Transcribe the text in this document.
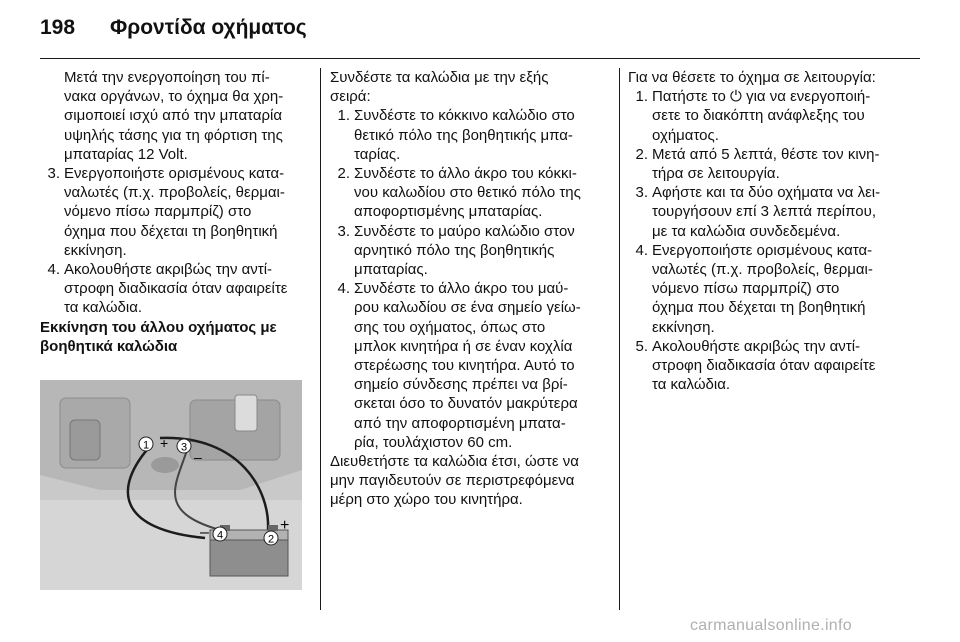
198	Φροντίδα οχήματος

Μετά την ενεργοποίηση του πί-
νακα οργάνων, το όχημα θα χρη-
σιμοποιεί ισχύ από την μπαταρία
υψηλής τάσης για τη φόρτιση της
μπαταρίας 12 Volt.

3. Ενεργοποιήστε ορισμένους κατα-
ναλωτές (π.χ. προβολείς, θερμαι-
νόμενο πίσω παρμπρίζ) στο
όχημα που δέχεται τη βοηθητική
εκκίνηση.
4. Ακολουθήστε ακριβώς την αντί-
στροφη διαδικασία όταν αφαιρείτε
τα καλώδια.

Εκκίνηση του άλλου οχήματος με
βοηθητικά καλώδια

1 + 3
–
2
+
4
–

Συνδέστε τα καλώδια με την εξής
σειρά:

1. Συνδέστε το κόκκινο καλώδιο στο
θετικό πόλο της βοηθητικής μπα-
ταρίας.
2. Συνδέστε το άλλο άκρο του κόκκι-
νου καλωδίου στο θετικό πόλο της
αποφορτισμένης μπαταρίας.
3. Συνδέστε το μαύρο καλώδιο στον
αρνητικό πόλο της βοηθητικής
μπαταρίας.
4. Συνδέστε το άλλο άκρο του μαύ-
ρου καλωδίου σε ένα σημείο γείω-
σης του οχήματος, όπως στο
μπλοκ κινητήρα ή σε έναν κοχλία
στερέωσης του κινητήρα. Αυτό το
σημείο σύνδεσης πρέπει να βρί-
σκεται όσο το δυνατόν μακρύτερα
από την αποφορτισμένη μπατα-
ρία, τουλάχιστον 60 cm.

Διευθετήστε τα καλώδια έτσι, ώστε να
μην παγιδευτούν σε περιστρεφόμενα
μέρη στο χώρο του κινητήρα.

Για να θέσετε το όχημα σε λειτουργία:

1. Πατήστε το ⏻ για να ενεργοποιή-
σετε το διακόπτη ανάφλεξης του
οχήματος.
2. Μετά από 5 λεπτά, θέστε τον κινη-
τήρα σε λειτουργία.
3. Αφήστε και τα δύο οχήματα να λει-
τουργήσουν επί 3 λεπτά περίπου,
με τα καλώδια συνδεδεμένα.
4. Ενεργοποιήστε ορισμένους κατα-
ναλωτές (π.χ. προβολείς, θερμαι-
νόμενο πίσω παρμπρίζ) στο
όχημα που δέχεται τη βοηθητική
εκκίνηση.
5. Ακολουθήστε ακριβώς την αντί-
στροφη διαδικασία όταν αφαιρείτε
τα καλώδια.
carmanualsonline.info
